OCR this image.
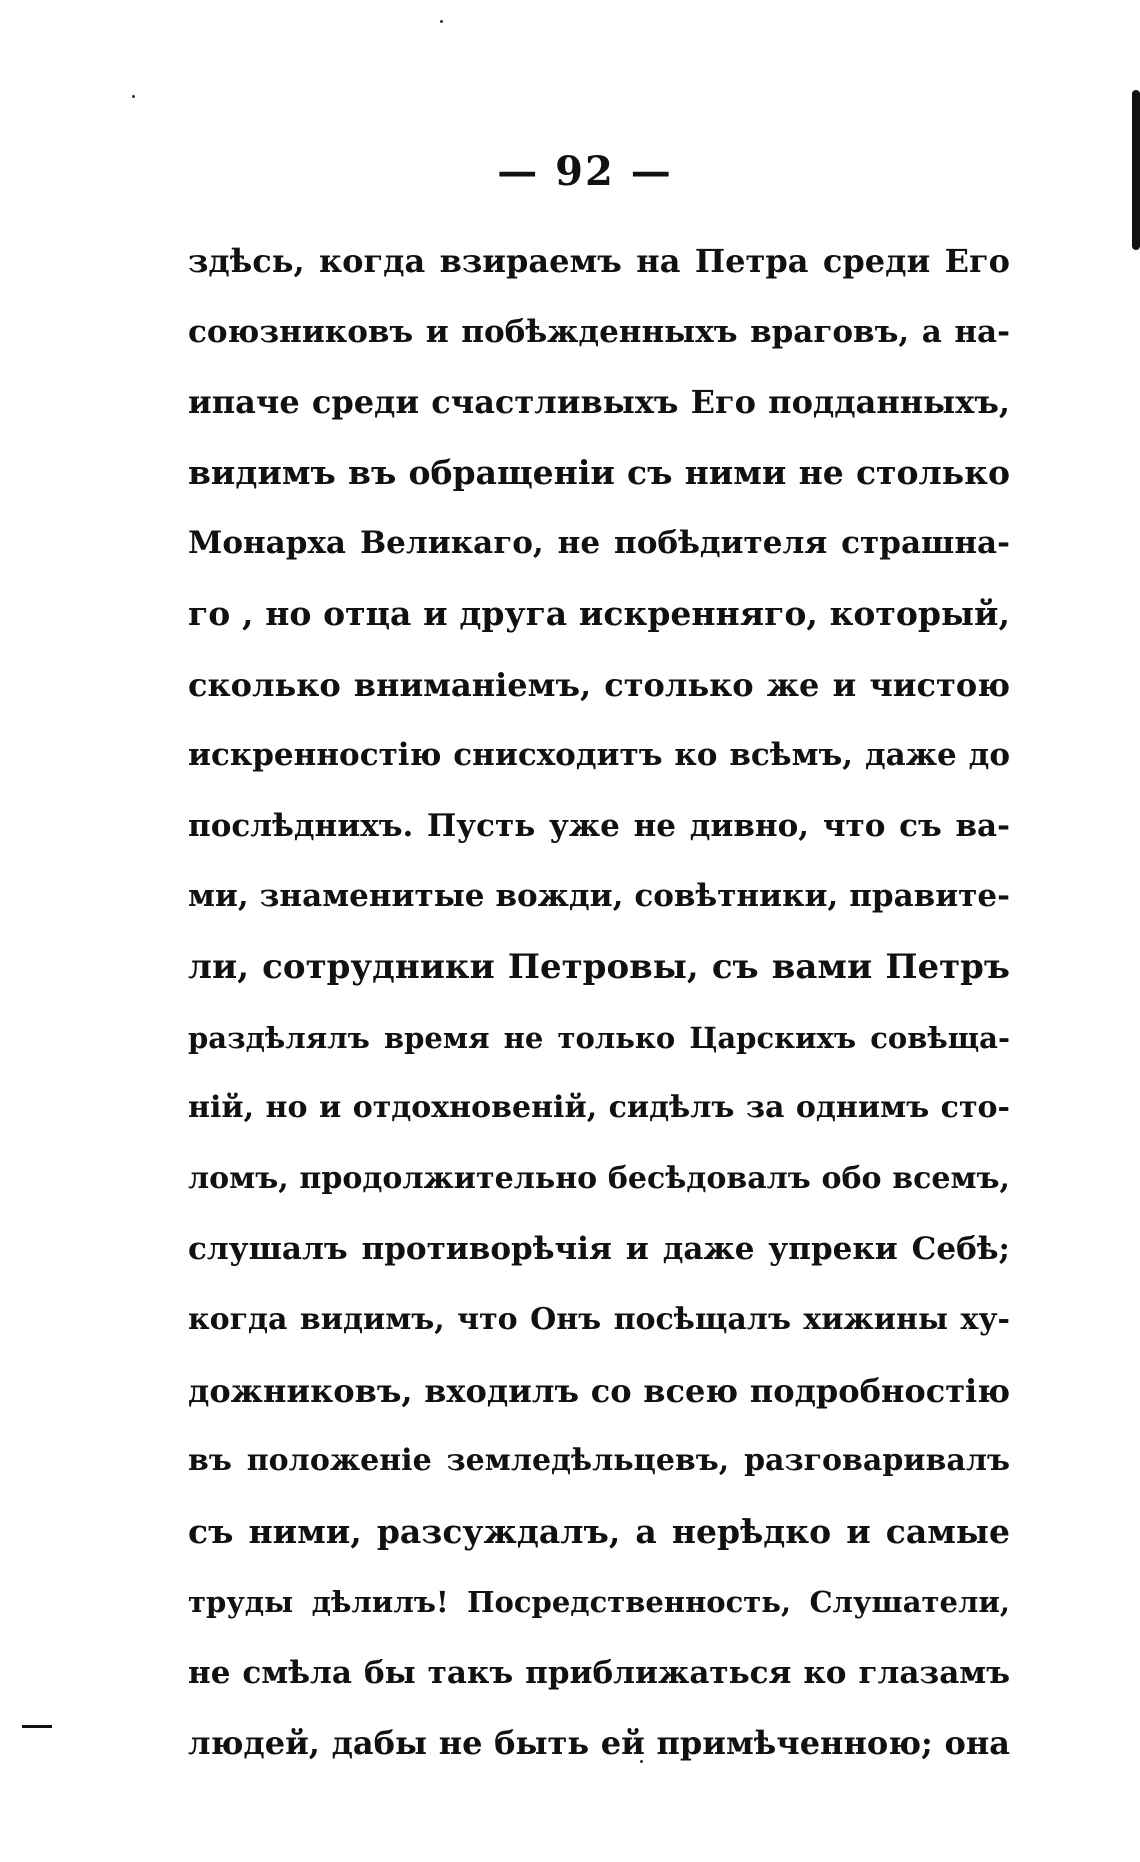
— 92 —
здѣсь, когда взираемъ на Петра среди Его
союзниковъ и побѣжденныхъ враговъ, а на-
ипаче среди счастливыхъ Его подданныхъ,
видимъ въ обращеніи съ ними не столько
Монарха Великаго, не побѣдителя страшна-
го , но отца и друга искренняго, который,
сколько вниманіемъ, столько же и чистою
искренностію снисходитъ ко всѣмъ, даже до
послѣднихъ. Пусть уже не дивно, что съ ва-
ми, знаменитые вожди, совѣтники, правите-
ли, сотрудники Петровы, съ вами Петръ
раздѣлялъ время не только Царскихъ совѣща-
ній, но и отдохновеній, сидѣлъ за однимъ сто-
ломъ, продолжительно бесѣдовалъ обо всемъ,
слушалъ противорѣчія и даже упреки Себѣ;
когда видимъ, что Онъ посѣщалъ хижины ху-
дожниковъ, входилъ со всею подробностію
въ положеніе земледѣльцевъ, разговаривалъ
съ ними, разсуждалъ, а нерѣдко и самые
труды дѣлилъ! Посредственность, Слушатели,
не смѣла бы такъ приближаться ко глазамъ
людей, дабы не быть ей примѣченною; она
